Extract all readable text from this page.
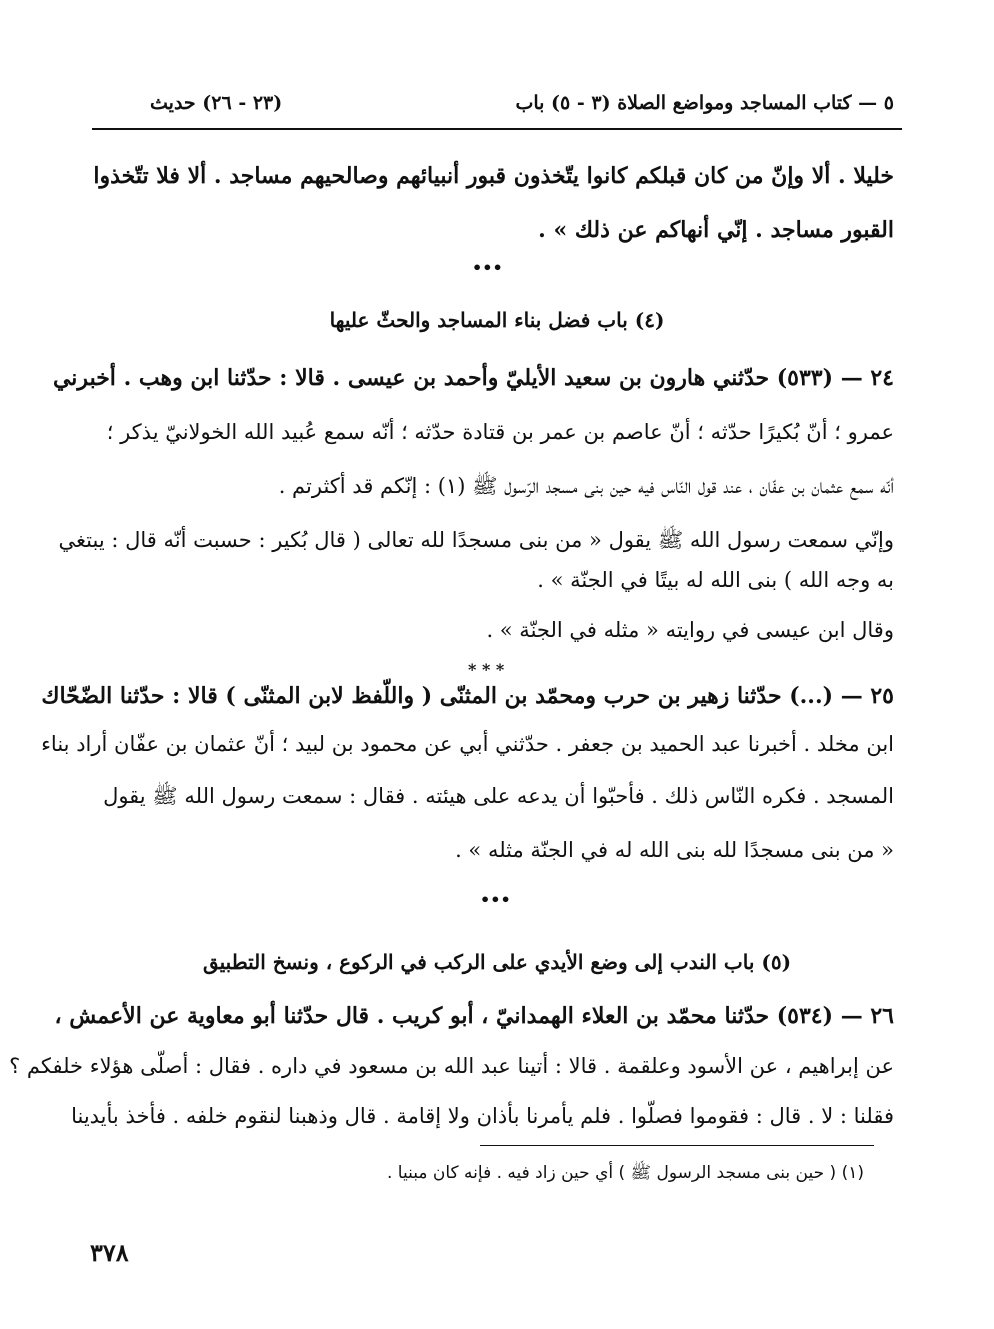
٥ — كتاب المساجد ومواضع الصلاة (٣ - ٥) باب
(٢٣ - ٢٦) حديث
خليلا . ألا وإنّ من كان قبلكم كانوا يتّخذون قبور أنبيائهم وصالحيهم مساجد . ألا فلا تتّخذوا
القبور مساجد . إنّي أنهاكم عن ذلك » .
•••
(٤) باب فضل بناء المساجد والحثّ عليها
٢٤ — (٥٣٣) حدّثني هارون بن سعيد الأيليّ وأحمد بن عيسى . قالا : حدّثنا ابن وهب . أخبرني
عمرو ؛ أنّ بُكيرًا حدّثه ؛ أنّ عاصم بن عمر بن قتادة حدّثه ؛ أنّه سمع عُبيد الله الخولانيّ يذكر ؛
أنّه سمع عثمان بن عفّان ، عند قول النّاس فيه حين بنى مسجد الرّسول ﷺ (١) : إنّكم قد أكثرتم .
وإنّي سمعت رسول الله ﷺ يقول « من بنى مسجدًا لله تعالى ( قال بُكير : حسبت أنّه قال : يبتغي
به وجه الله ) بنى الله له بيتًا في الجنّة » .
وقال ابن عيسى في روايته « مثله في الجنّة » .
* * *
٢٥ — (...) حدّثنا زهير بن حرب ومحمّد بن المثنّى ( واللّفظ لابن المثنّى ) قالا : حدّثنا الضّحّاك
ابن مخلد . أخبرنا عبد الحميد بن جعفر . حدّثني أبي عن محمود بن لبيد ؛ أنّ عثمان بن عفّان أراد بناء
المسجد . فكره النّاس ذلك . فأحبّوا أن يدعه على هيئته . فقال : سمعت رسول الله ﷺ يقول
« من بنى مسجدًا لله بنى الله له في الجنّة مثله » .
•••
(٥) باب الندب إلى وضع الأيدي على الركب في الركوع ، ونسخ التطبيق
٢٦ — (٥٣٤) حدّثنا محمّد بن العلاء الهمدانيّ ، أبو كريب . قال حدّثنا أبو معاوية عن الأعمش ،
عن إبراهيم ، عن الأسود وعلقمة . قالا : أتينا عبد الله بن مسعود في داره . فقال : أصلّى هؤلاء خلفكم ؟
فقلنا : لا . قال : فقوموا فصلّوا . فلم يأمرنا بأذان ولا إقامة . قال وذهبنا لنقوم خلفه . فأخذ بأيدينا
(١) ( حين بنى مسجد الرسول ﷺ ) أي حين زاد فيه . فإنه كان مبنيا .
٣٧٨
